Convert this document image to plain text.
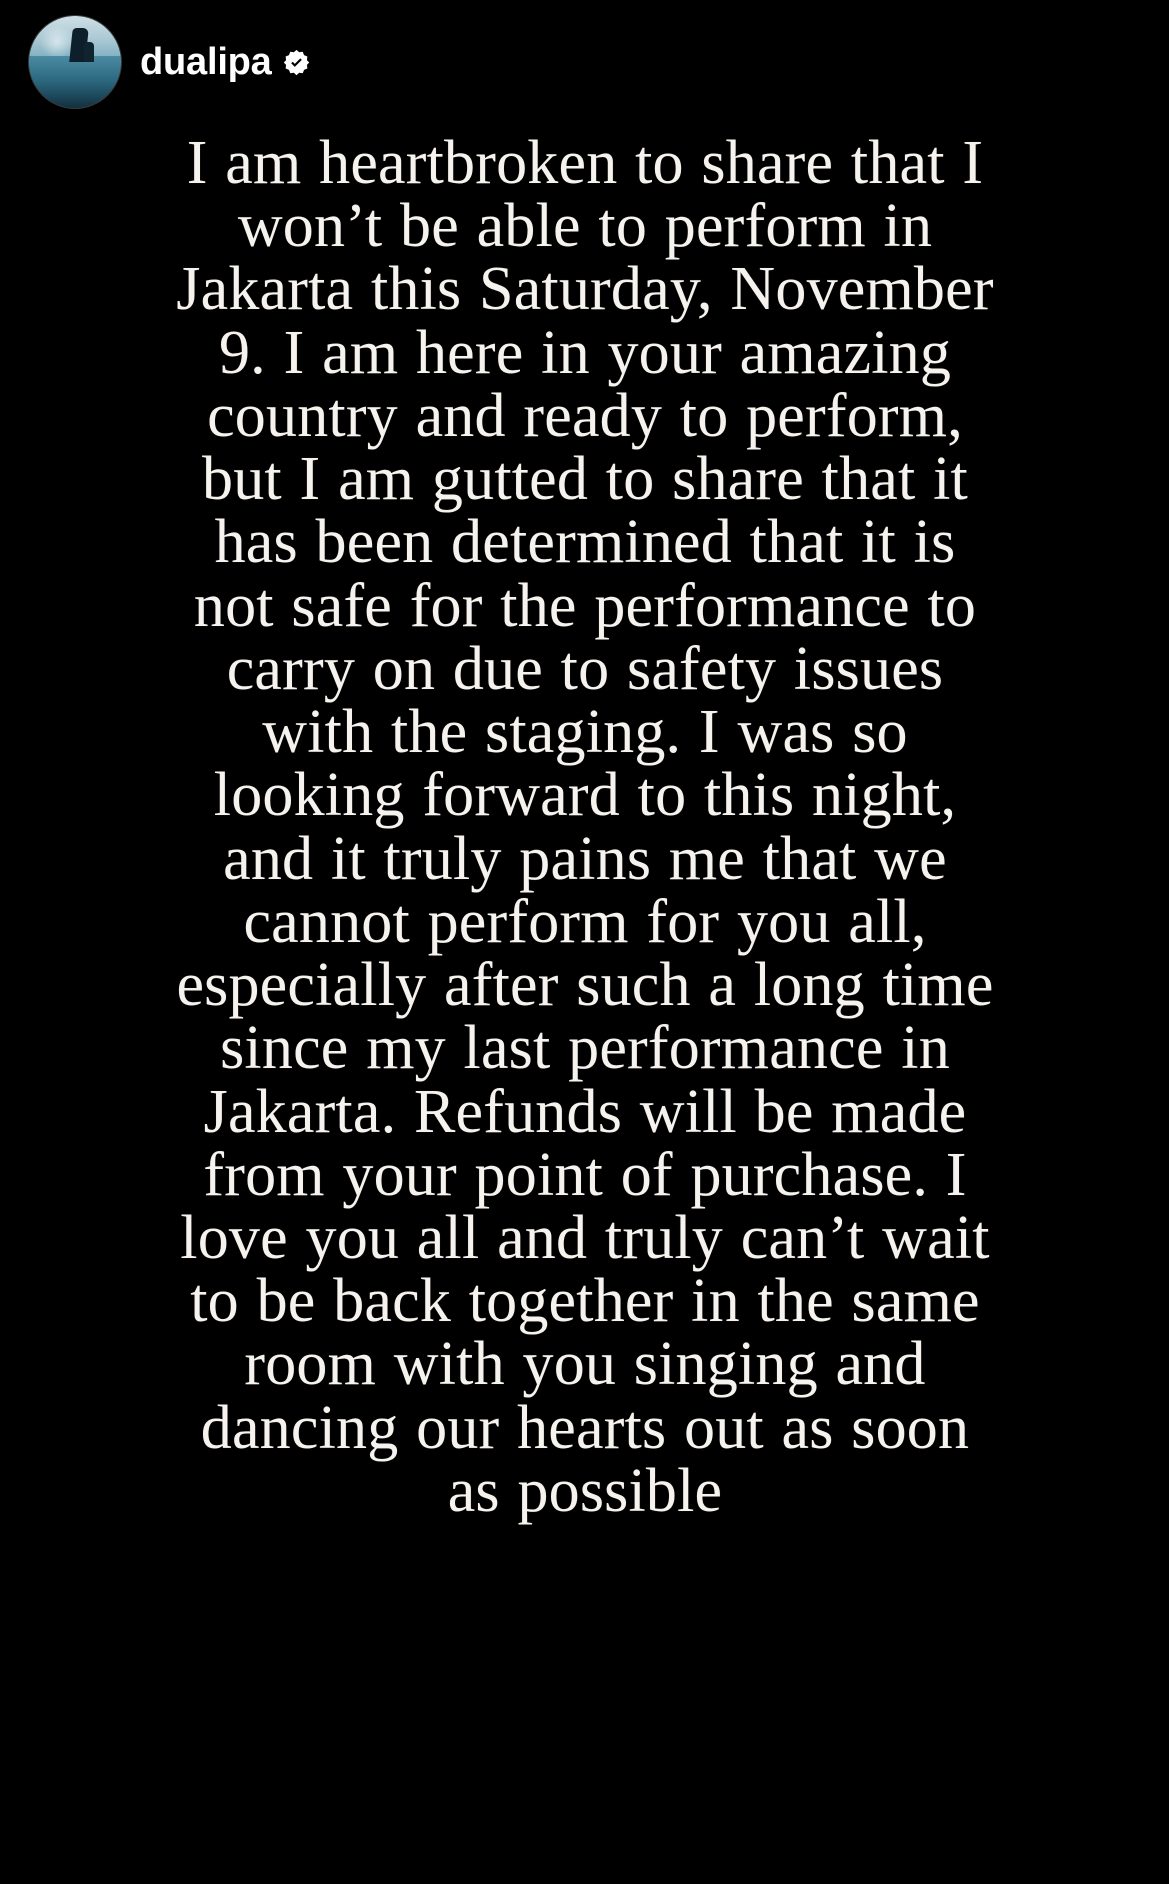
dualipa
I am heartbroken to share that I won’t be able to perform in Jakarta this Saturday, November 9. I am here in your amazing country and ready to perform, but I am gutted to share that it has been determined that it is not safe for the performance to carry on due to safety issues with the staging. I was so looking forward to this night, and it truly pains me that we cannot perform for you all, especially after such a long time since my last performance in Jakarta. Refunds will be made from your point of purchase. I love you all and truly can’t wait to be back together in the same room with you singing and dancing our hearts out as soon as possible
